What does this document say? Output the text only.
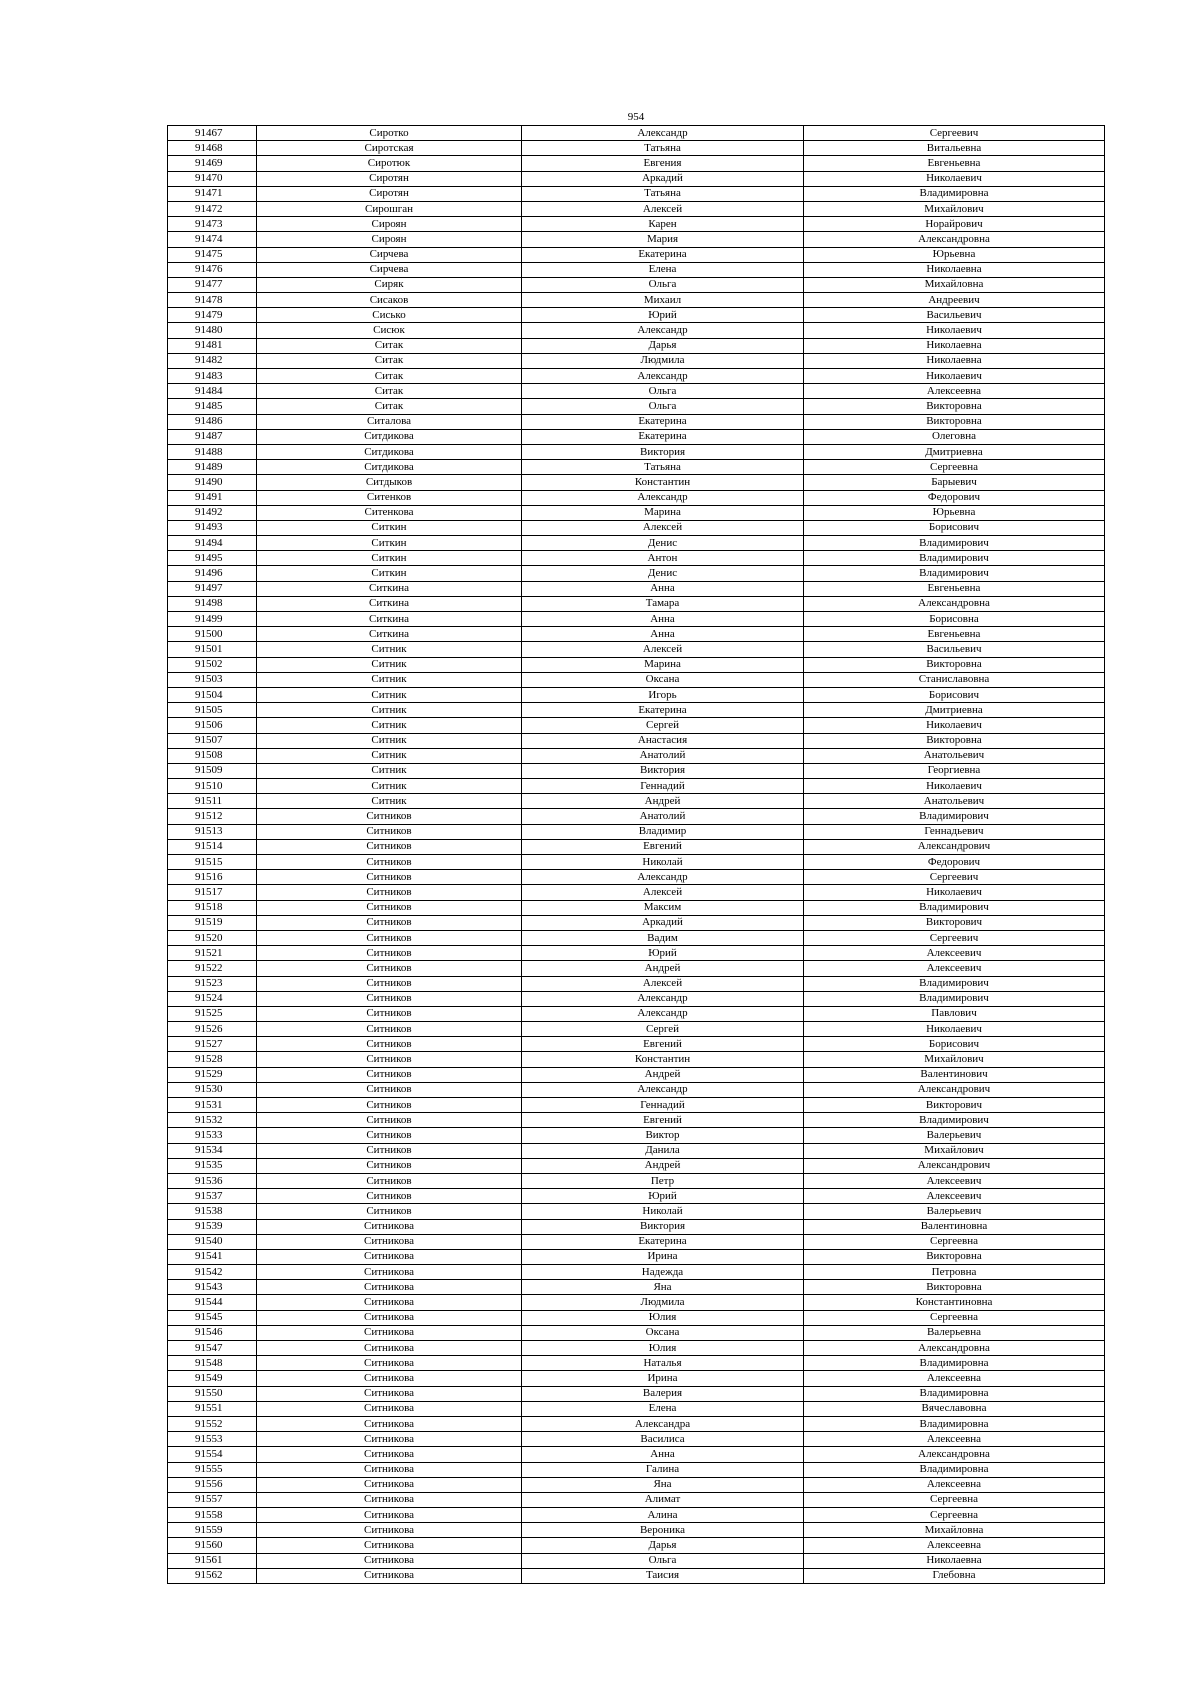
954
91467	Сиротко	Александр	Сергеевич
91468	Сиротская	Татьяна	Витальевна
91469	Сиротюк	Евгения	Евгеньевна
91470	Сиротян	Аркадий	Николаевич
91471	Сиротян	Татьяна	Владимировна
91472	Сирошган	Алексей	Михайлович
91473	Сироян	Карен	Норайрович
91474	Сироян	Мария	Александровна
91475	Сирчева	Екатерина	Юрьевна
91476	Сирчева	Елена	Николаевна
91477	Сиряк	Ольга	Михайловна
91478	Сисаков	Михаил	Андреевич
91479	Сисько	Юрий	Васильевич
91480	Сисюк	Александр	Николаевич
91481	Ситак	Дарья	Николаевна
91482	Ситак	Людмила	Николаевна
91483	Ситак	Александр	Николаевич
91484	Ситак	Ольга	Алексеевна
91485	Ситак	Ольга	Викторовна
91486	Ситалова	Екатерина	Викторовна
91487	Ситдикова	Екатерина	Олеговна
91488	Ситдикова	Виктория	Дмитриевна
91489	Ситдикова	Татьяна	Сергеевна
91490	Ситдыков	Константин	Барыевич
91491	Ситенков	Александр	Федорович
91492	Ситенкова	Марина	Юрьевна
91493	Ситкин	Алексей	Борисович
91494	Ситкин	Денис	Владимирович
91495	Ситкин	Антон	Владимирович
91496	Ситкин	Денис	Владимирович
91497	Ситкина	Анна	Евгеньевна
91498	Ситкина	Тамара	Александровна
91499	Ситкина	Анна	Борисовна
91500	Ситкина	Анна	Евгеньевна
91501	Ситник	Алексей	Васильевич
91502	Ситник	Марина	Викторовна
91503	Ситник	Оксана	Станиславовна
91504	Ситник	Игорь	Борисович
91505	Ситник	Екатерина	Дмитриевна
91506	Ситник	Сергей	Николаевич
91507	Ситник	Анастасия	Викторовна
91508	Ситник	Анатолий	Анатольевич
91509	Ситник	Виктория	Георгиевна
91510	Ситник	Геннадий	Николаевич
91511	Ситник	Андрей	Анатольевич
91512	Ситников	Анатолий	Владимирович
91513	Ситников	Владимир	Геннадьевич
91514	Ситников	Евгений	Александрович
91515	Ситников	Николай	Федорович
91516	Ситников	Александр	Сергеевич
91517	Ситников	Алексей	Николаевич
91518	Ситников	Максим	Владимирович
91519	Ситников	Аркадий	Викторович
91520	Ситников	Вадим	Сергеевич
91521	Ситников	Юрий	Алексеевич
91522	Ситников	Андрей	Алексеевич
91523	Ситников	Алексей	Владимирович
91524	Ситников	Александр	Владимирович
91525	Ситников	Александр	Павлович
91526	Ситников	Сергей	Николаевич
91527	Ситников	Евгений	Борисович
91528	Ситников	Константин	Михайлович
91529	Ситников	Андрей	Валентинович
91530	Ситников	Александр	Александрович
91531	Ситников	Геннадий	Викторович
91532	Ситников	Евгений	Владимирович
91533	Ситников	Виктор	Валерьевич
91534	Ситников	Данила	Михайлович
91535	Ситников	Андрей	Александрович
91536	Ситников	Петр	Алексеевич
91537	Ситников	Юрий	Алексеевич
91538	Ситников	Николай	Валерьевич
91539	Ситникова	Виктория	Валентиновна
91540	Ситникова	Екатерина	Сергеевна
91541	Ситникова	Ирина	Викторовна
91542	Ситникова	Надежда	Петровна
91543	Ситникова	Яна	Викторовна
91544	Ситникова	Людмила	Константиновна
91545	Ситникова	Юлия	Сергеевна
91546	Ситникова	Оксана	Валерьевна
91547	Ситникова	Юлия	Александровна
91548	Ситникова	Наталья	Владимировна
91549	Ситникова	Ирина	Алексеевна
91550	Ситникова	Валерия	Владимировна
91551	Ситникова	Елена	Вячеславовна
91552	Ситникова	Александра	Владимировна
91553	Ситникова	Василиса	Алексеевна
91554	Ситникова	Анна	Александровна
91555	Ситникова	Галина	Владимировна
91556	Ситникова	Яна	Алексеевна
91557	Ситникова	Алимат	Сергеевна
91558	Ситникова	Алина	Сергеевна
91559	Ситникова	Вероника	Михайловна
91560	Ситникова	Дарья	Алексеевна
91561	Ситникова	Ольга	Николаевна
91562	Ситникова	Таисия	Глебовна
